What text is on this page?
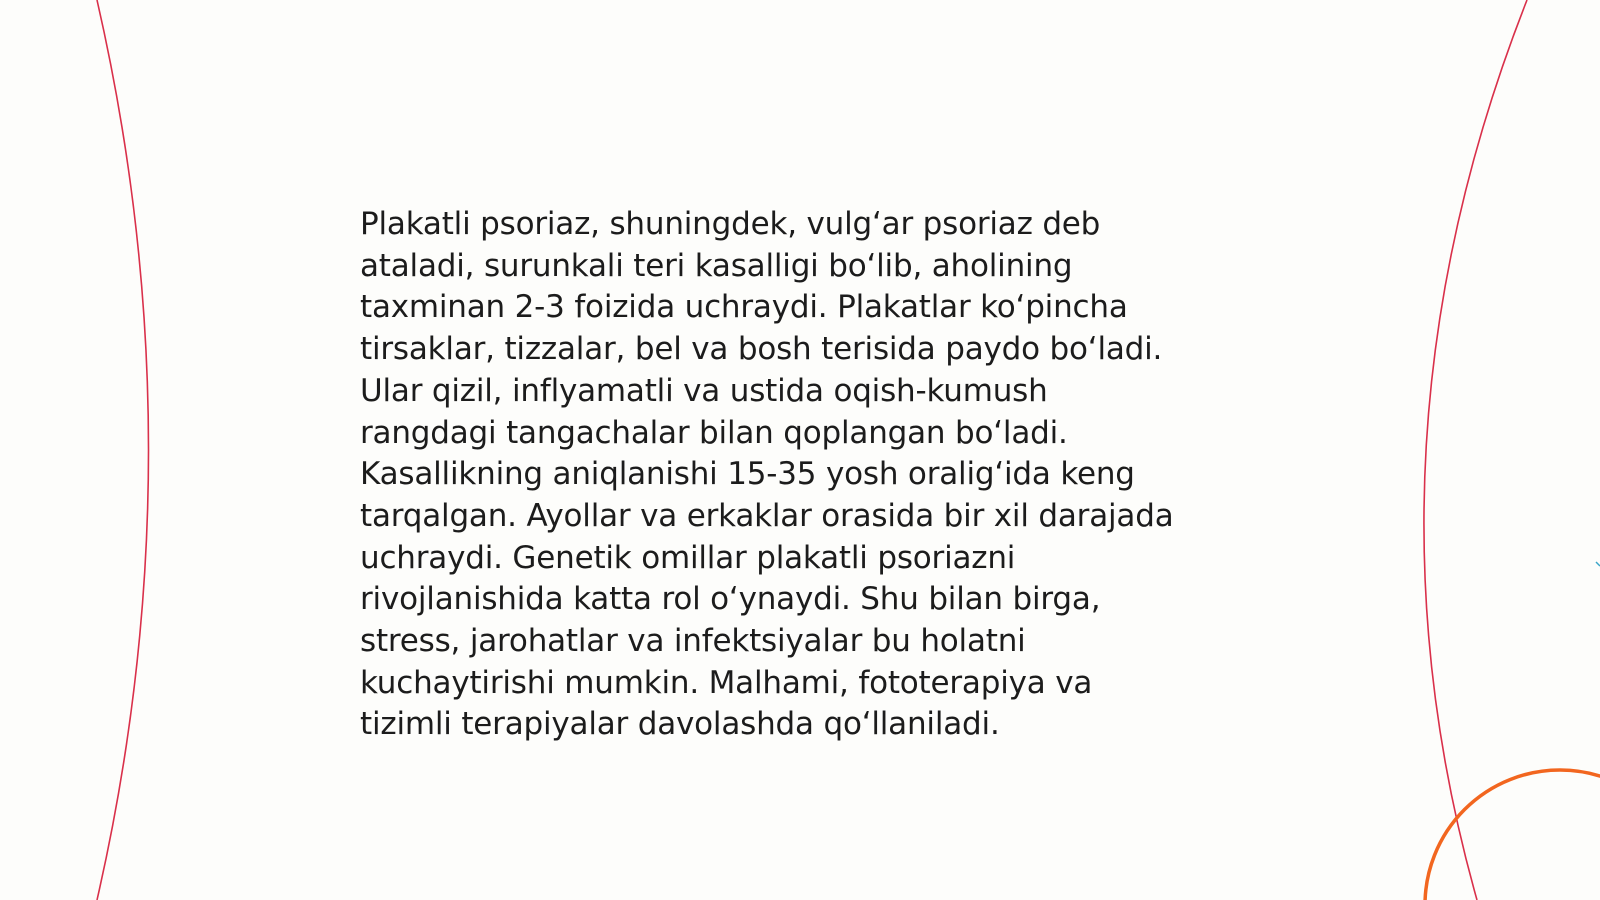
Plakatli psoriaz, shuningdek, vulg‘ar psoriaz deb
ataladi, surunkali teri kasalligi bo‘lib, aholining
taxminan 2-3 foizida uchraydi. Plakatlar ko‘pincha
tirsaklar, tizzalar, bel va bosh terisida paydo bo‘ladi.
Ular qizil, inflyamatli va ustida oqish-kumush
rangdagi tangachalar bilan qoplangan bo‘ladi.
Kasallikning aniqlanishi 15-35 yosh oralig‘ida keng
tarqalgan. Ayollar va erkaklar orasida bir xil darajada
uchraydi. Genetik omillar plakatli psoriazni
rivojlanishida katta rol o‘ynaydi. Shu bilan birga,
stress, jarohatlar va infektsiyalar bu holatni
kuchaytirishi mumkin. Malhami, fototerapiya va
tizimli terapiyalar davolashda qo‘llaniladi.
